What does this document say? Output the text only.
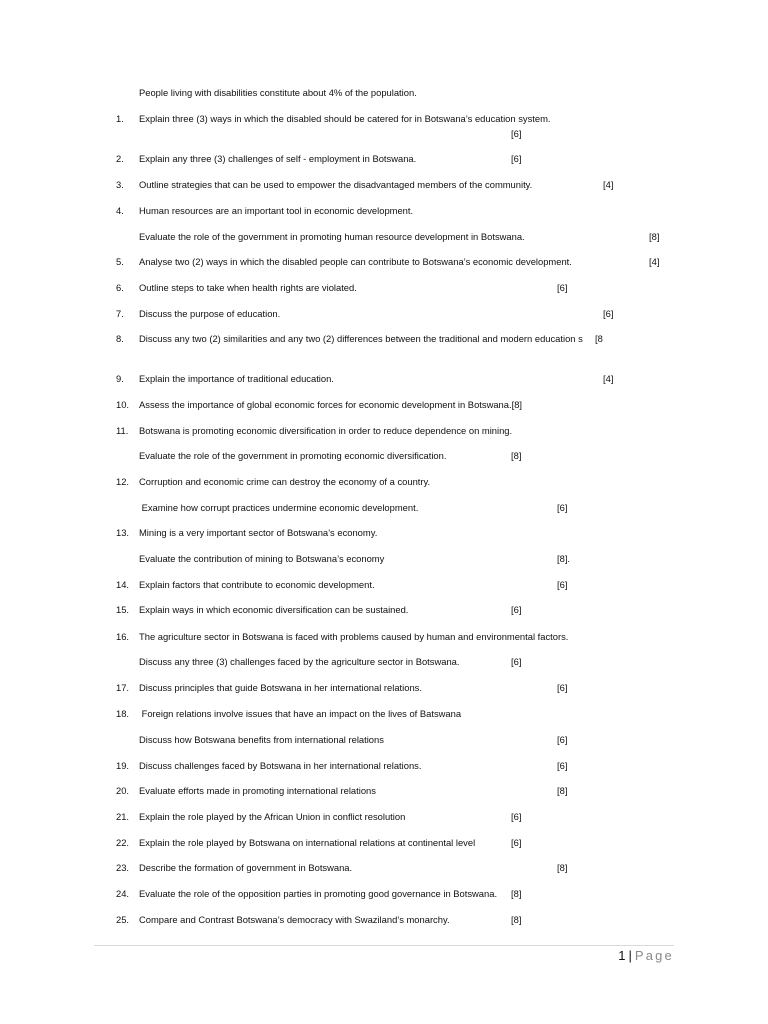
People living with disabilities constitute about 4% of the population.
1. Explain three (3) ways in which the disabled should be catered for in Botswana’s education system.
[6]
2. Explain any three (3) challenges of self - employment in Botswana.	[6]
3. Outline strategies that can be used to empower the disadvantaged members of the community.	[4]
4. Human resources are an important tool in economic development.
Evaluate the role of the government in promoting human resource development in Botswana.	[8]
5. Analyse two (2) ways in which the disabled people can contribute to Botswana’s economic development.	[4]
6. Outline steps to take when health rights are violated.	[6]
7. Discuss the purpose of education.	[6]
8. Discuss any two (2) similarities and any two (2) differences between the traditional and modern education s [8
9. Explain the importance of traditional education.	[4]
10. Assess the importance of global economic forces for economic development in Botswana.[8]
11. Botswana is promoting economic diversification in order to reduce dependence on mining.
Evaluate the role of the government in promoting economic diversification.	[8]
12. Corruption and economic crime can destroy the economy of a country.
Examine how corrupt practices undermine economic development.	[6]
13. Mining is a very important sector of Botswana’s economy.
Evaluate the contribution of mining to Botswana’s economy	[8].
14. Explain factors that contribute to economic development.	[6]
15. Explain ways in which economic diversification can be sustained.	[6]
16. The agriculture sector in Botswana is faced with problems caused by human and environmental factors.
Discuss any three (3) challenges faced by the agriculture sector in Botswana.	[6]
17. Discuss principles that guide Botswana in her international relations.	[6]
18. Foreign relations involve issues that have an impact on the lives of Batswana
Discuss how Botswana benefits from international relations	[6]
19. Discuss challenges faced by Botswana in her international relations.	[6]
20. Evaluate efforts made in promoting international relations	[8]
21. Explain the role played by the African Union in conflict resolution	[6]
22. Explain the role played by Botswana on international relations at continental level	[6]
23. Describe the formation of government in Botswana.	[8]
24. Evaluate the role of the opposition parties in promoting good governance in Botswana. [8]
25. Compare and Contrast Botswana’s democracy with Swaziland’s monarchy.	[8]
1 | Page
